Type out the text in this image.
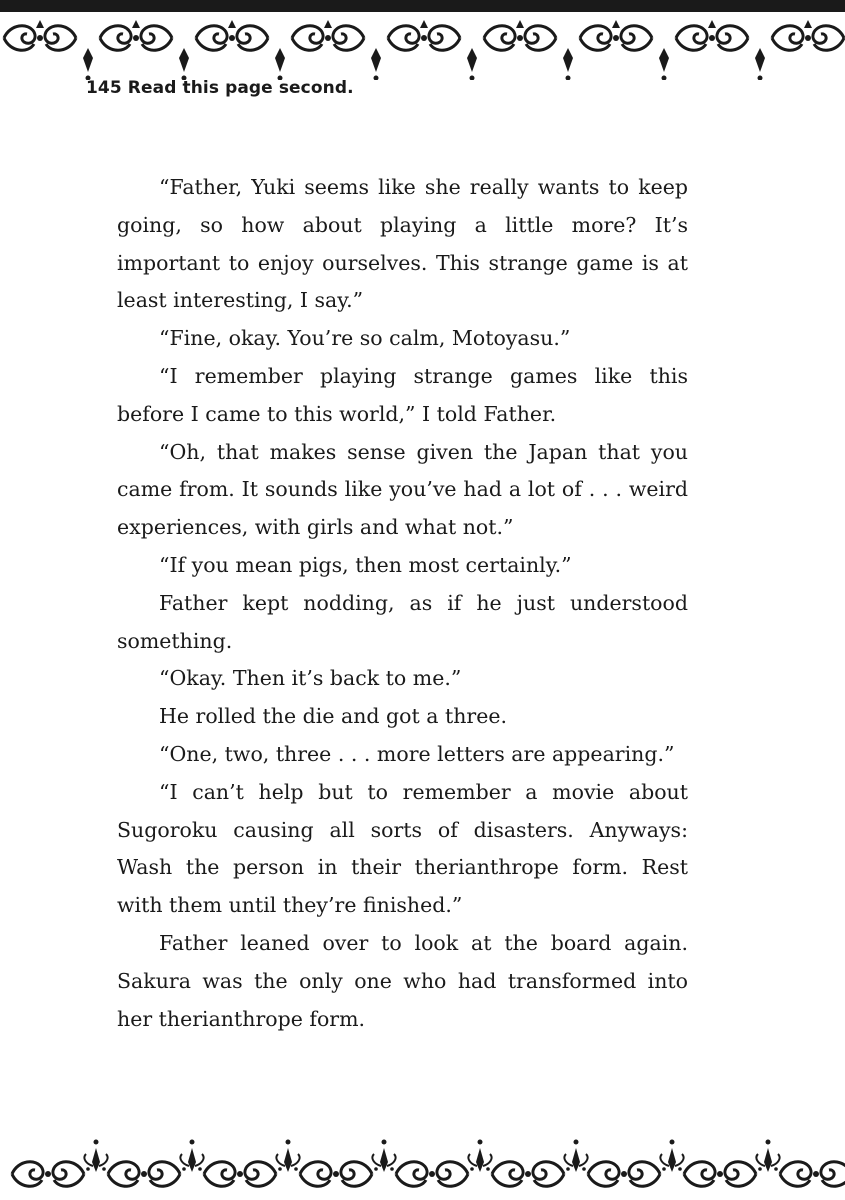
145 Read this page second.

“Father, Yuki seems like she really wants to keep going, so how about playing a little more? It’s important to enjoy ourselves. This strange game is at least interesting, I say.”

“Fine, okay. You’re so calm, Motoyasu.”

“I remember playing strange games like this before I came to this world,” I told Father.

“Oh, that makes sense given the Japan that you came from. It sounds like you’ve had a lot of . . . weird experiences, with girls and what not.”

“If you mean pigs, then most certainly.”

Father kept nodding, as if he just understood something.

“Okay. Then it’s back to me.”

He rolled the die and got a three.

“One, two, three . . . more letters are appearing.”

“I can’t help but to remember a movie about Sugoroku causing all sorts of disasters. Anyways: Wash the person in their therianthrope form. Rest with them until they’re finished.”

Father leaned over to look at the board again. Sakura was the only one who had transformed into her therianthrope form.
